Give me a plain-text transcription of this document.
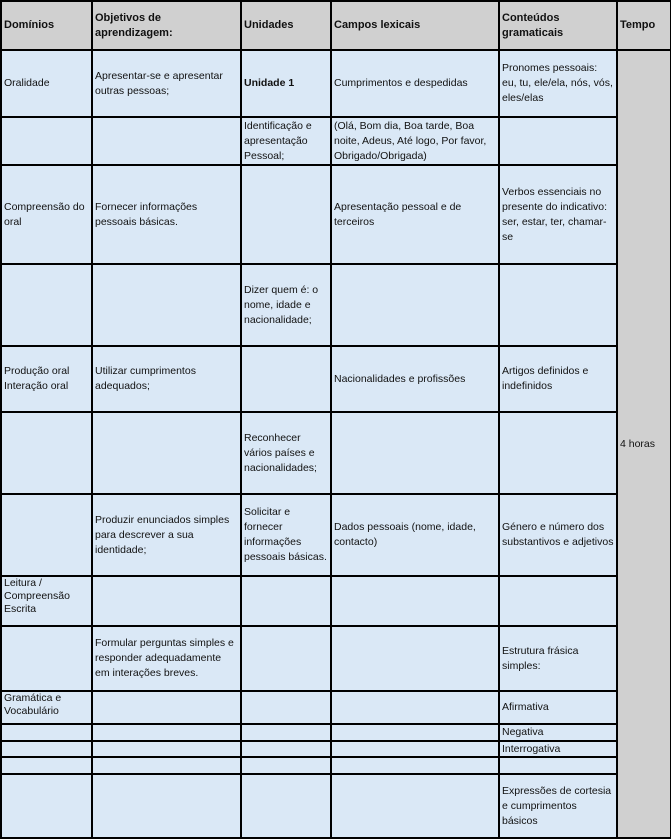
Domínios	Objetivos de aprendizagem:	Unidades	Campos lexicais	Conteúdos gramaticais	Tempo
Oralidade	Apresentar-se e apresentar outras pessoas;	Unidade 1	Cumprimentos e despedidas	Pronomes pessoais: eu, tu, ele/ela, nós, vós, eles/elas	4 horas
		Identificação e apresentação Pessoal;	(Olá, Bom dia, Boa tarde, Boa noite, Adeus, Até logo, Por favor, Obrigado/Obrigada)		
Compreensão do oral	Fornecer informações pessoais básicas.		Apresentação pessoal e de terceiros	Verbos essenciais no presente do indicativo: ser, estar, ter, chamar-se	
		Dizer quem é: o nome, idade e nacionalidade;			
Produção oral Interação oral	Utilizar cumprimentos adequados;		Nacionalidades e profissões	Artigos definidos e indefinidos	
		Reconhecer vários países e nacionalidades;			
	Produzir enunciados simples para descrever a sua identidade;	Solicitar e fornecer informações pessoais básicas.	Dados pessoais (nome, idade, contacto)	Género e número dos substantivos e adjetivos	
Leitura / Compreensão Escrita					
	Formular perguntas simples e responder adequadamente em interações breves.			Estrutura frásica simples:	
Gramática e Vocabulário				Afirmativa	
				Negativa	
				Interrogativa	

				Expressões de cortesia e cumprimentos básicos	
